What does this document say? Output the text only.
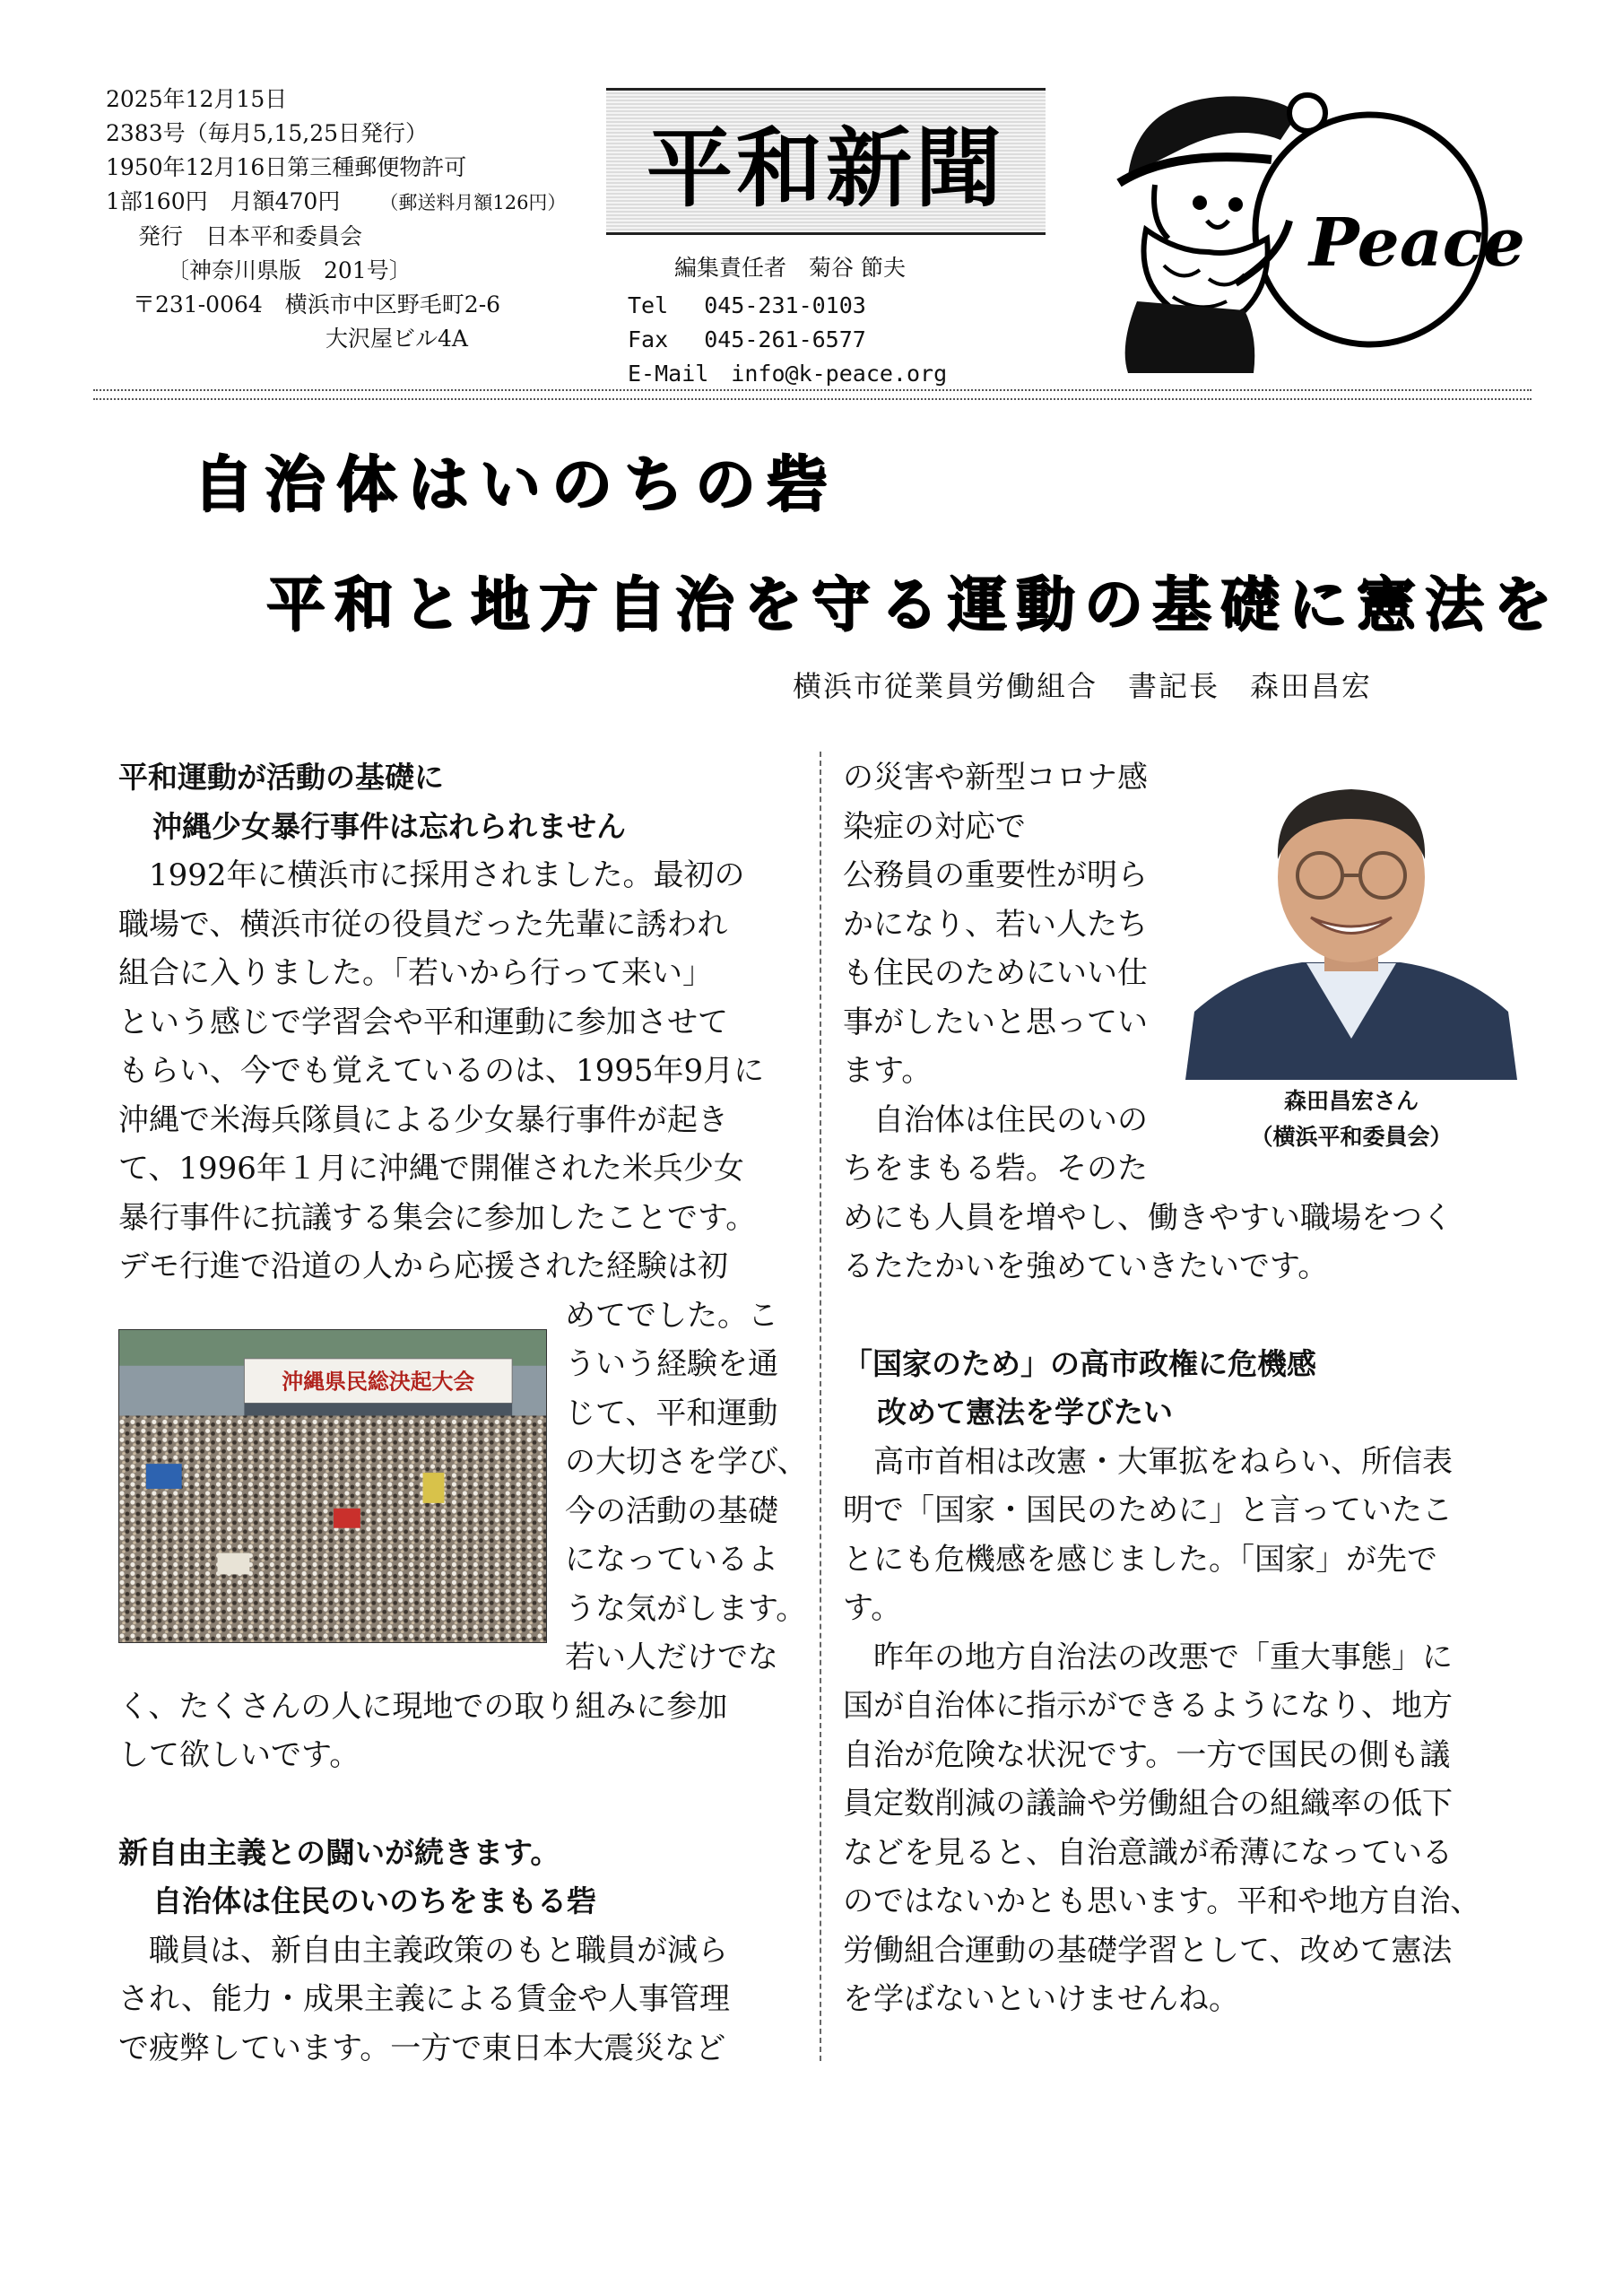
2025年12月15日
2383号（毎月5,15,25日発行）
1950年12月16日第三種郵便物許可
1部160円　月額470円 （郵送料月額126円）
発行　日本平和委員会
〔神奈川県版　201号〕
〒231-0064　横浜市中区野毛町2-6
大沢屋ビル4A
平和新聞
編集責任者　菊谷 節夫
Tel　 045-231-0103
Fax　 045-261-6577
E-Mail　info@k-peace.org
Peace
自治体はいのちの砦
平和と地方自治を守る運動の基礎に憲法を
横浜市従業員労働組合　書記長　森田昌宏
平和運動が活動の基礎に
沖縄少女暴行事件は忘れられません
　1992年に横浜市に採用されました。最初の
職場で、横浜市従の役員だった先輩に誘われ
組合に入りました。「若いから行って来い」
という感じで学習会や平和運動に参加させて
もらい、今でも覚えているのは、1995年9月に
沖縄で米海兵隊員による少女暴行事件が起き
て、1996年１月に沖縄で開催された米兵少女
暴行事件に抗議する集会に参加したことです。
デモ行進で沿道の人から応援された経験は初
めてでした。こ
ういう経験を通
じて、平和運動
の大切さを学び、
今の活動の基礎
になっているよ
うな気がします。
若い人だけでな
く、たくさんの人に現地での取り組みに参加
して欲しいです。
新自由主義との闘いが続きます。
自治体は住民のいのちをまもる砦
　職員は、新自由主義政策のもと職員が減ら
され、能力・成果主義による賃金や人事管理
で疲弊しています。一方で東日本大震災など
沖縄県民総決起大会
の災害や新型コロナ感
染症の対応で
公務員の重要性が明ら
かになり、若い人たち
も住民のためにいい仕
事がしたいと思ってい
ます。
　自治体は住民のいの
ちをまもる砦。そのた
めにも人員を増やし、働きやすい職場をつく
るたたかいを強めていきたいです。
「国家のため」の高市政権に危機感
改めて憲法を学びたい
　高市首相は改憲・大軍拡をねらい、所信表
明で「国家・国民のために」と言っていたこ
とにも危機感を感じました。「国家」が先で
す。
　昨年の地方自治法の改悪で「重大事態」に
国が自治体に指示ができるようになり、地方
自治が危険な状況です。一方で国民の側も議
員定数削減の議論や労働組合の組織率の低下
などを見ると、自治意識が希薄になっている
のではないかとも思います。平和や地方自治、
労働組合運動の基礎学習として、改めて憲法
を学ばないといけませんね。
森田昌宏さん
（横浜平和委員会）
